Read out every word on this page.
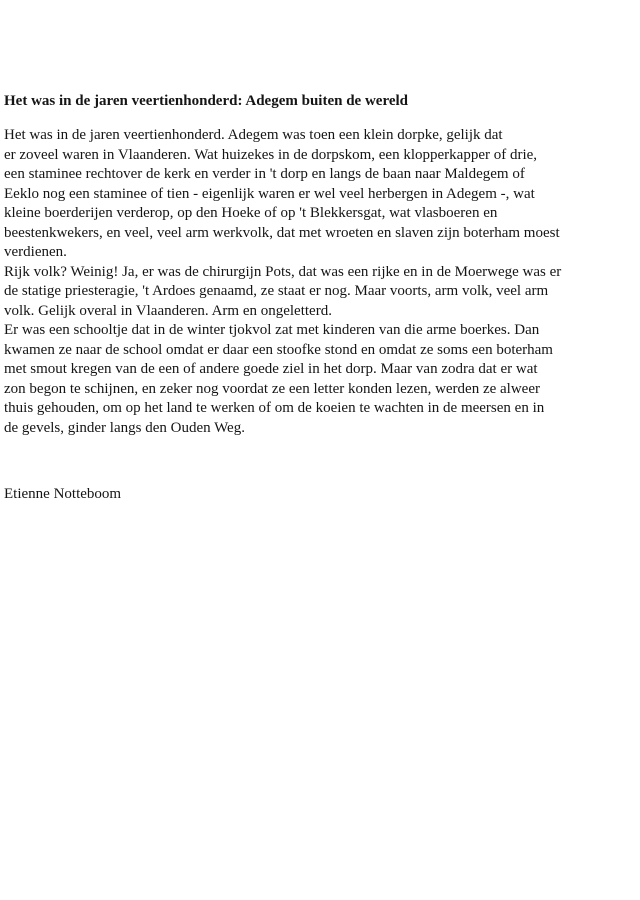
Het was in de jaren veertienhonderd: Adegem buiten de wereld

Het was in de jaren veertienhonderd. Adegem was toen een klein dorpke, gelijk dat

er zoveel waren in Vlaanderen. Wat huizekes in de dorpskom, een klopperkapper of drie,

een staminee rechtover de kerk en verder in 't dorp en langs de baan naar Maldegem of

Eeklo nog een staminee of tien - eigenlijk waren er wel veel herbergen in Adegem -, wat

kleine boerderijen verderop, op den Hoeke of op 't Blekkersgat, wat vlasboeren en

beestenkwekers, en veel, veel arm werkvolk, dat met wroeten en slaven zijn boterham moest

verdienen.

Rijk volk? Weinig! Ja, er was de chirurgijn Pots, dat was een rijke en in de Moerwege was er

de statige priesteragie, 't Ardoes genaamd, ze staat er nog. Maar voorts, arm volk, veel arm

volk. Gelijk overal in Vlaanderen. Arm en ongeletterd.

Er was een schooltje dat in de winter tjokvol zat met kinderen van die arme boerkes. Dan

kwamen ze naar de school omdat er daar een stoofke stond en omdat ze soms een boterham

met smout kregen van de een of andere goede ziel in het dorp. Maar van zodra dat er wat

zon begon te schijnen, en zeker nog voordat ze een letter konden lezen, werden ze alweer

thuis gehouden, om op het land te werken of om de koeien te wachten in de meersen en in

de gevels, ginder langs den Ouden Weg.

Etienne Notteboom
